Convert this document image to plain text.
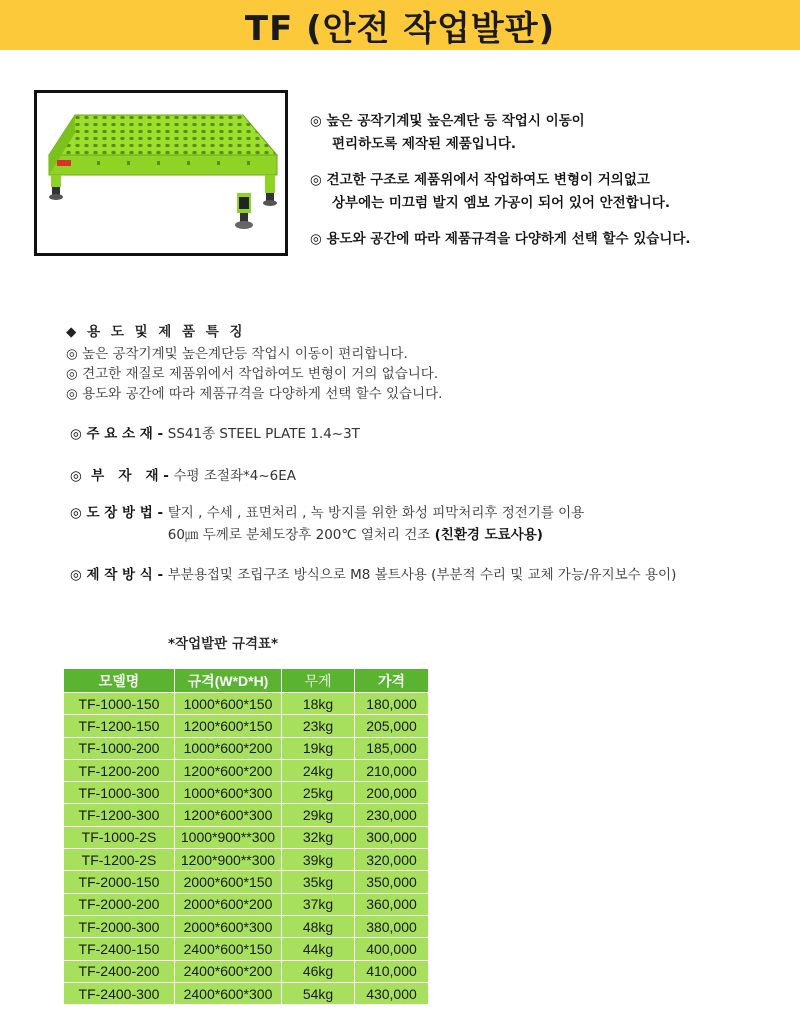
TF (안전 작업발판)

◎ 높은 공작기계및 높은계단 등 작업시 이동이
편리하도록 제작된 제품입니다.

◎ 견고한 구조로 제품위에서 작업하여도 변형이 거의없고
상부에는 미끄럼 발지 엠보 가공이 되어 있어 안전합니다.

◎ 용도와 공간에 따라 제품규격을 다양하게 선택 할수 있습니다.

◆ 용 도 및 제 품 특 징
◎ 높은 공작기계및 높은계단등 작업시 이동이 편리합니다.
◎ 견고한 재질로 제품위에서 작업하여도 변형이 거의 없습니다.
◎ 용도와 공간에 따라 제품규격을 다양하게 선택 할수 있습니다.
◎ 주 요 소 재 - SS41종 STEEL PLATE 1.4~3T
◎  부   자   재 - 수평 조절좌*4~6EA
◎ 도 장 방 법 - 탈지 , 수세 , 표면처리 , 녹 방지를 위한 화성 피막처리후 정전기를 이용
60㎛ 두께로 분체도장후 200℃ 열처리 건조 (친환경 도료사용)
◎ 제 작 방 식 - 부분용접및 조립구조 방식으로 M8 볼트사용 (부분적 수리 및 교체 가능/유지보수 용이)
*작업발판 규격표*
모델명	규격(W*D*H)	무게	가격
TF-1000-150	1000*600*150	18kg	180,000
TF-1200-150	1200*600*150	23kg	205,000
TF-1000-200	1000*600*200	19kg	185,000
TF-1200-200	1200*600*200	24kg	210,000
TF-1000-300	1000*600*300	25kg	200,000
TF-1200-300	1200*600*300	29kg	230,000
TF-1000-2S	1000*900**300	32kg	300,000
TF-1200-2S	1200*900**300	39kg	320,000
TF-2000-150	2000*600*150	35kg	350,000
TF-2000-200	2000*600*200	37kg	360,000
TF-2000-300	2000*600*300	48kg	380,000
TF-2400-150	2400*600*150	44kg	400,000
TF-2400-200	2400*600*200	46kg	410,000
TF-2400-300	2400*600*300	54kg	430,000
